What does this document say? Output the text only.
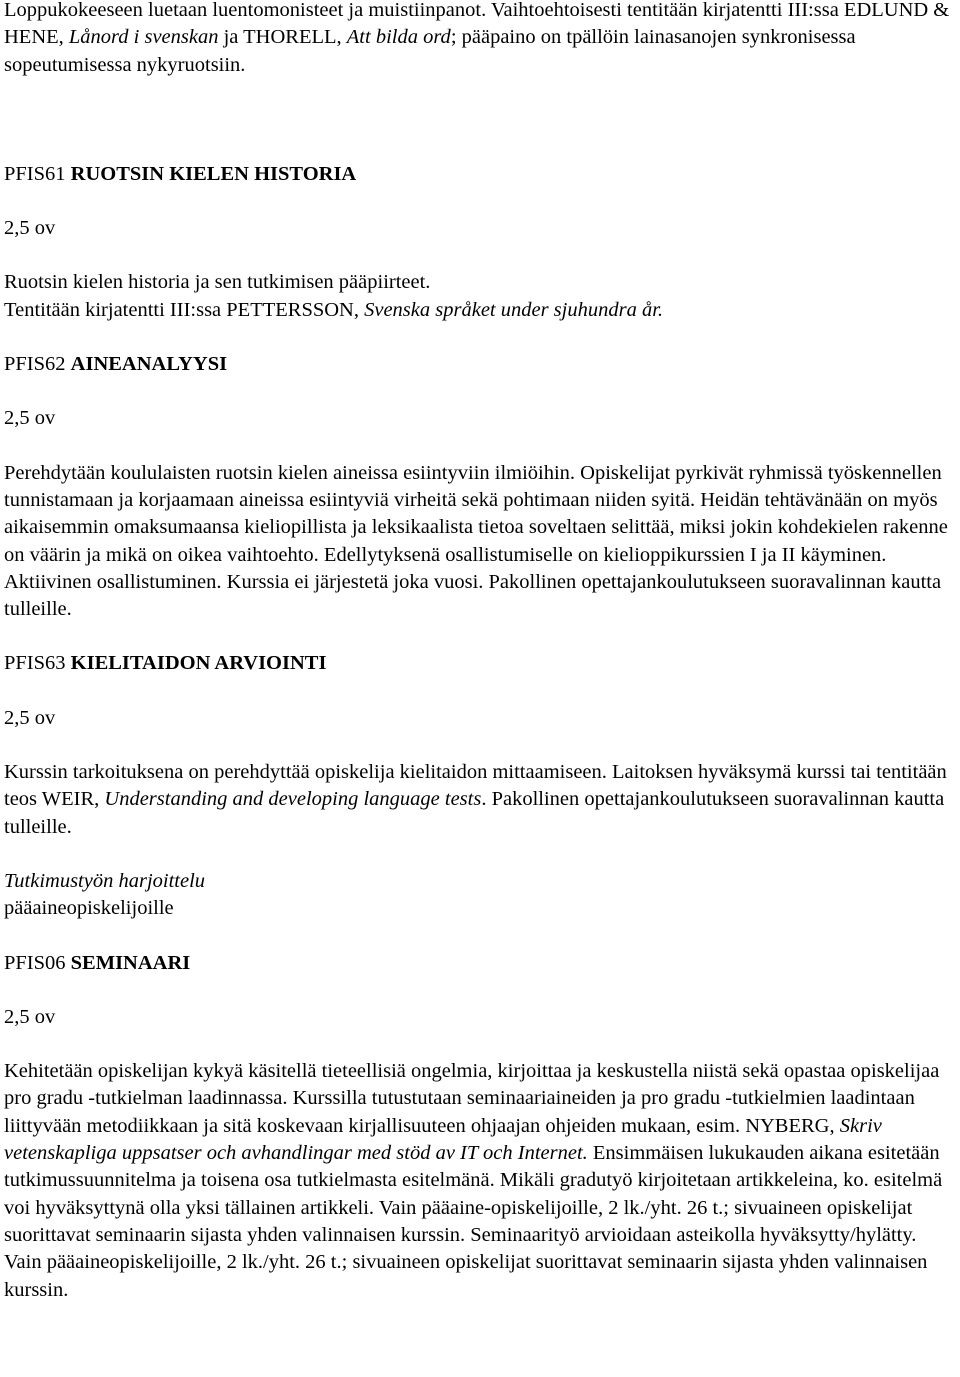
Loppukokeeseen luetaan luentomonisteet ja muistiinpanot. Vaihtoehtoisesti tentitään kirjatentti III:ssa EDLUND & HENE, Lånord i svenskan ja THORELL, Att bilda ord; pääpaino on tpällöin lainasanojen synkronisessa sopeutumisessa nykyruotsiin.

PFIS61 RUOTSIN KIELEN HISTORIA

2,5 ov

Ruotsin kielen historia ja sen tutkimisen pääpiirteet.

Tentitään kirjatentti III:ssa PETTERSSON, Svenska språket under sjuhundra år.

PFIS62 AINEANALYYSI

2,5 ov

Perehdytään koululaisten ruotsin kielen aineissa esiintyviin ilmiöihin. Opiskelijat pyrkivät ryhmissä työskennellen tunnistamaan ja korjaamaan aineissa esiintyviä virheitä sekä pohtimaan niiden syitä. Heidän tehtävänään on myös aikaisemmin omaksumaansa kieliopillista ja leksikaalista tietoa soveltaen selittää, miksi jokin kohdekielen rakenne on väärin ja mikä on oikea vaihtoehto. Edellytyksenä osallistumiselle on kielioppikurssien I ja II käyminen. Aktiivinen osallistuminen. Kurssia ei järjestetä joka vuosi. Pakollinen opettajankoulutukseen suoravalinnan kautta tulleille.

PFIS63 KIELITAIDON ARVIOINTI

2,5 ov

Kurssin tarkoituksena on perehdyttää opiskelija kielitaidon mittaamiseen. Laitoksen hyväksymä kurssi tai tentitään teos WEIR, Understanding and developing language tests. Pakollinen opettajankoulutukseen suoravalinnan kautta tulleille.

Tutkimustyön harjoittelu

pääaineopiskelijoille

PFIS06 SEMINAARI

2,5 ov

Kehitetään opiskelijan kykyä käsitellä tieteellisiä ongelmia, kirjoittaa ja keskustella niistä sekä opastaa opiskelijaa pro gradu -tutkielman laadinnassa. Kurssilla tutustutaan seminaariaineiden ja pro gradu -tutkielmien laadintaan liittyvään metodiikkaan ja sitä koskevaan kirjallisuuteen ohjaajan ohjeiden mukaan, esim. NYBERG, Skriv vetenskapliga uppsatser och avhandlingar med stöd av IT och Internet. Ensimmäisen lukukauden aikana esitetään tutkimussuunnitelma ja toisena osa tutkielmasta esitelmänä. Mikäli gradutyö kirjoitetaan artikkeleina, ko. esitelmä voi hyväksyttynä olla yksi tällainen artikkeli. Vain pääaine-opiskelijoille, 2 lk./yht. 26 t.; sivuaineen opiskelijat suorittavat seminaarin sijasta yhden valinnaisen kurssin. Seminaarityö arvioidaan asteikolla hyväksytty/hylätty.

Vain pääaineopiskelijoille, 2 lk./yht. 26 t.; sivuaineen opiskelijat suorittavat seminaarin sijasta yhden valinnaisen kurssin.
